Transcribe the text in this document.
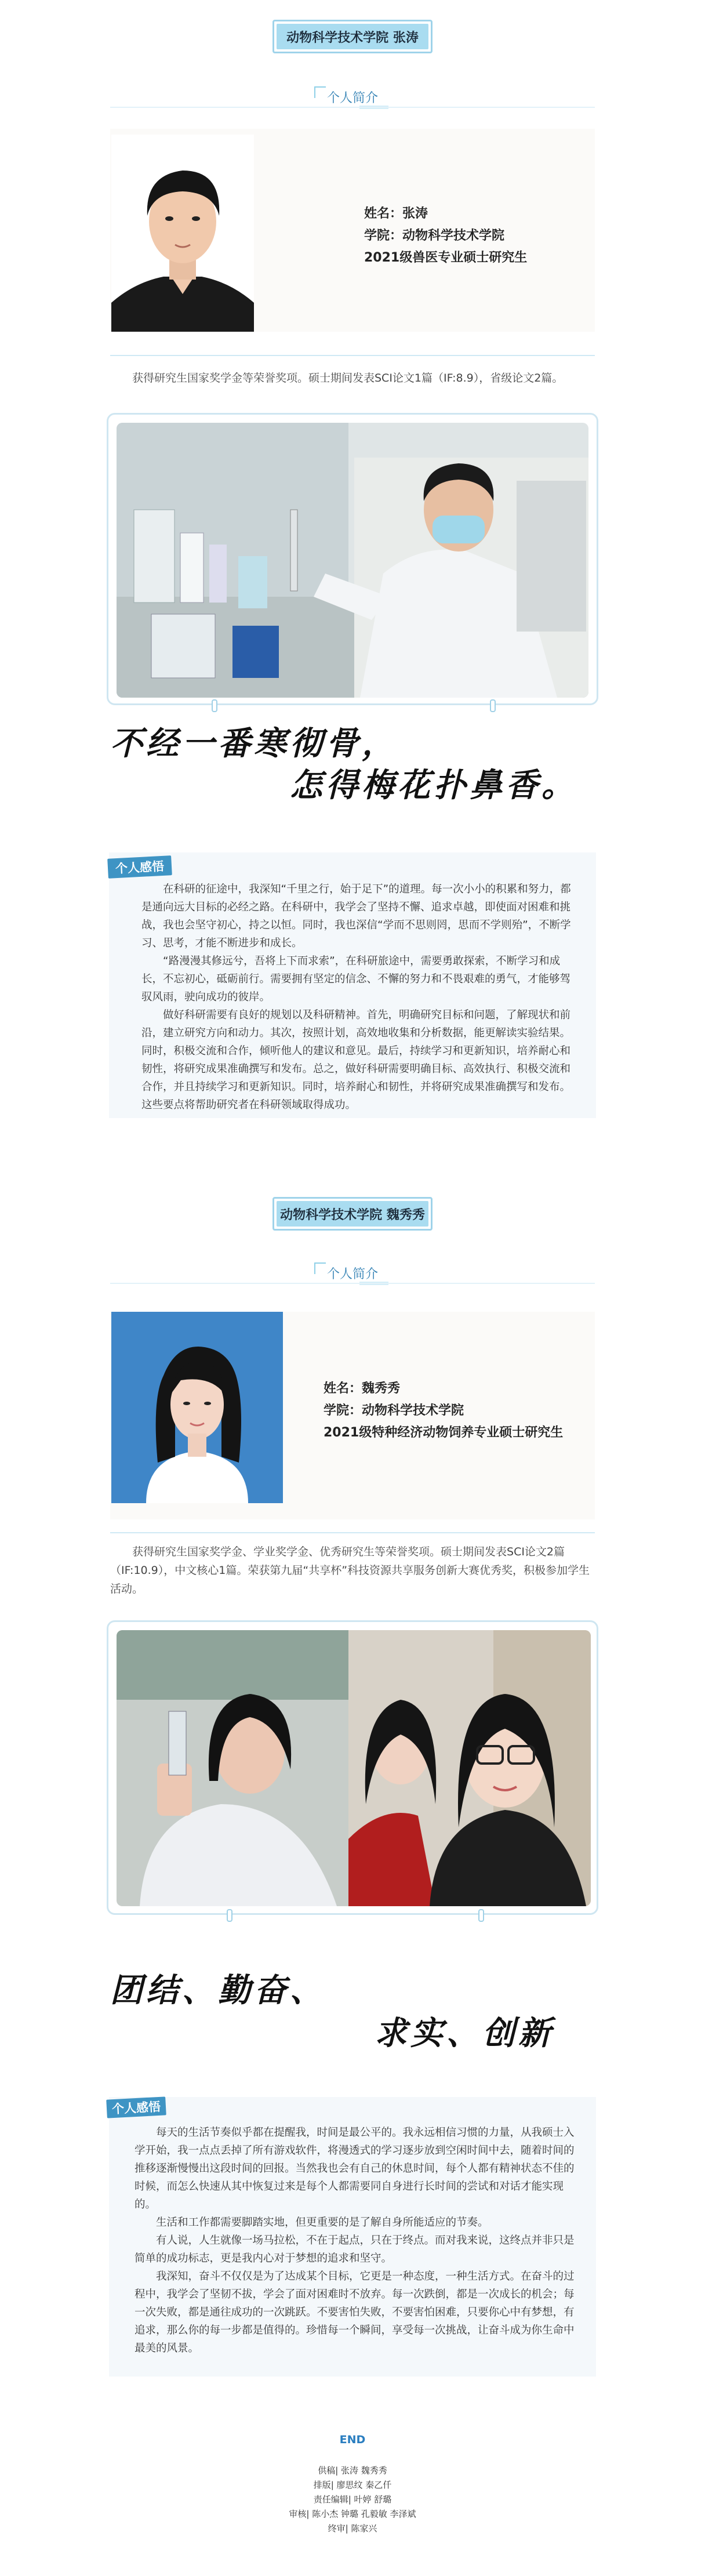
动物科学技术学院 张涛
个人简介
姓名：张涛
学院：动物科学技术学院
2021级兽医专业硕士研究生
获得研究生国家奖学金等荣誉奖项。硕士期间发表SCI论文1篇（IF:8.9），省级论文2篇。
不经一番寒彻骨，
怎得梅花扑鼻香。
个人感悟

在科研的征途中，我深知“千里之行，始于足下”的道理。每一次小小的积累和努力，都是通向远大目标的必经之路。在科研中，我学会了坚持不懈、追求卓越，即使面对困难和挑战，我也会坚守初心，持之以恒。同时，我也深信“学而不思则罔，思而不学则殆”，不断学习、思考，才能不断进步和成长。

“路漫漫其修远兮，吾将上下而求索”，在科研旅途中，需要勇敢探索，不断学习和成长，不忘初心，砥砺前行。需要拥有坚定的信念、不懈的努力和不畏艰难的勇气，才能够驾驭风雨，驶向成功的彼岸。

做好科研需要有良好的规划以及科研精神。首先，明确研究目标和问题，了解现状和前沿，建立研究方向和动力。其次，按照计划，高效地收集和分析数据，能更解读实验结果。同时，积极交流和合作，倾听他人的建议和意见。最后，持续学习和更新知识，培养耐心和韧性，将研究成果准确撰写和发布。总之，做好科研需要明确目标、高效执行、积极交流和合作，并且持续学习和更新知识。同时，培养耐心和韧性，并将研究成果准确撰写和发布。这些要点将帮助研究者在科研领域取得成功。

动物科学技术学院 魏秀秀
个人简介
姓名：魏秀秀
学院：动物科学技术学院
2021级特种经济动物饲养专业硕士研究生
获得研究生国家奖学金、学业奖学金、优秀研究生等荣誉奖项。硕士期间发表SCI论文2篇（IF:10.9），中文核心1篇。荣获第九届“共享杯”科技资源共享服务创新大赛优秀奖，积极参加学生活动。
团结、勤奋、
求实、创新
个人感悟

每天的生活节奏似乎都在提醒我，时间是最公平的。我永远相信习惯的力量，从我硕士入学开始，我一点点丢掉了所有游戏软件，将漫透式的学习逐步放到空闲时间中去，随着时间的推移逐渐慢慢出这段时间的回报。当然我也会有自己的休息时间，每个人都有精神状态不佳的时候，而怎么快速从其中恢复过来是每个人都需要同自身进行长时间的尝试和对话才能实现的。

生活和工作都需要脚踏实地，但更重要的是了解自身所能适应的节奏。

有人说，人生就像一场马拉松，不在于起点，只在于终点。而对我来说，这终点并非只是简单的成功标志，更是我内心对于梦想的追求和坚守。

我深知，奋斗不仅仅是为了达成某个目标，它更是一种态度，一种生活方式。在奋斗的过程中，我学会了坚韧不拔，学会了面对困难时不放弃。每一次跌倒，都是一次成长的机会；每一次失败，都是通往成功的一次跳跃。不要害怕失败，不要害怕困难，只要你心中有梦想，有追求，那么你的每一步都是值得的。珍惜每一个瞬间，享受每一次挑战，让奋斗成为你生命中最美的风景。

END
供稿| 张涛 魏秀秀
排版| 廖思纹 秦乙仟
责任编辑| 叶婷 舒璐
审核| 陈小杰 钟璐 孔毅敏 李泽斌
终审| 陈家兴
